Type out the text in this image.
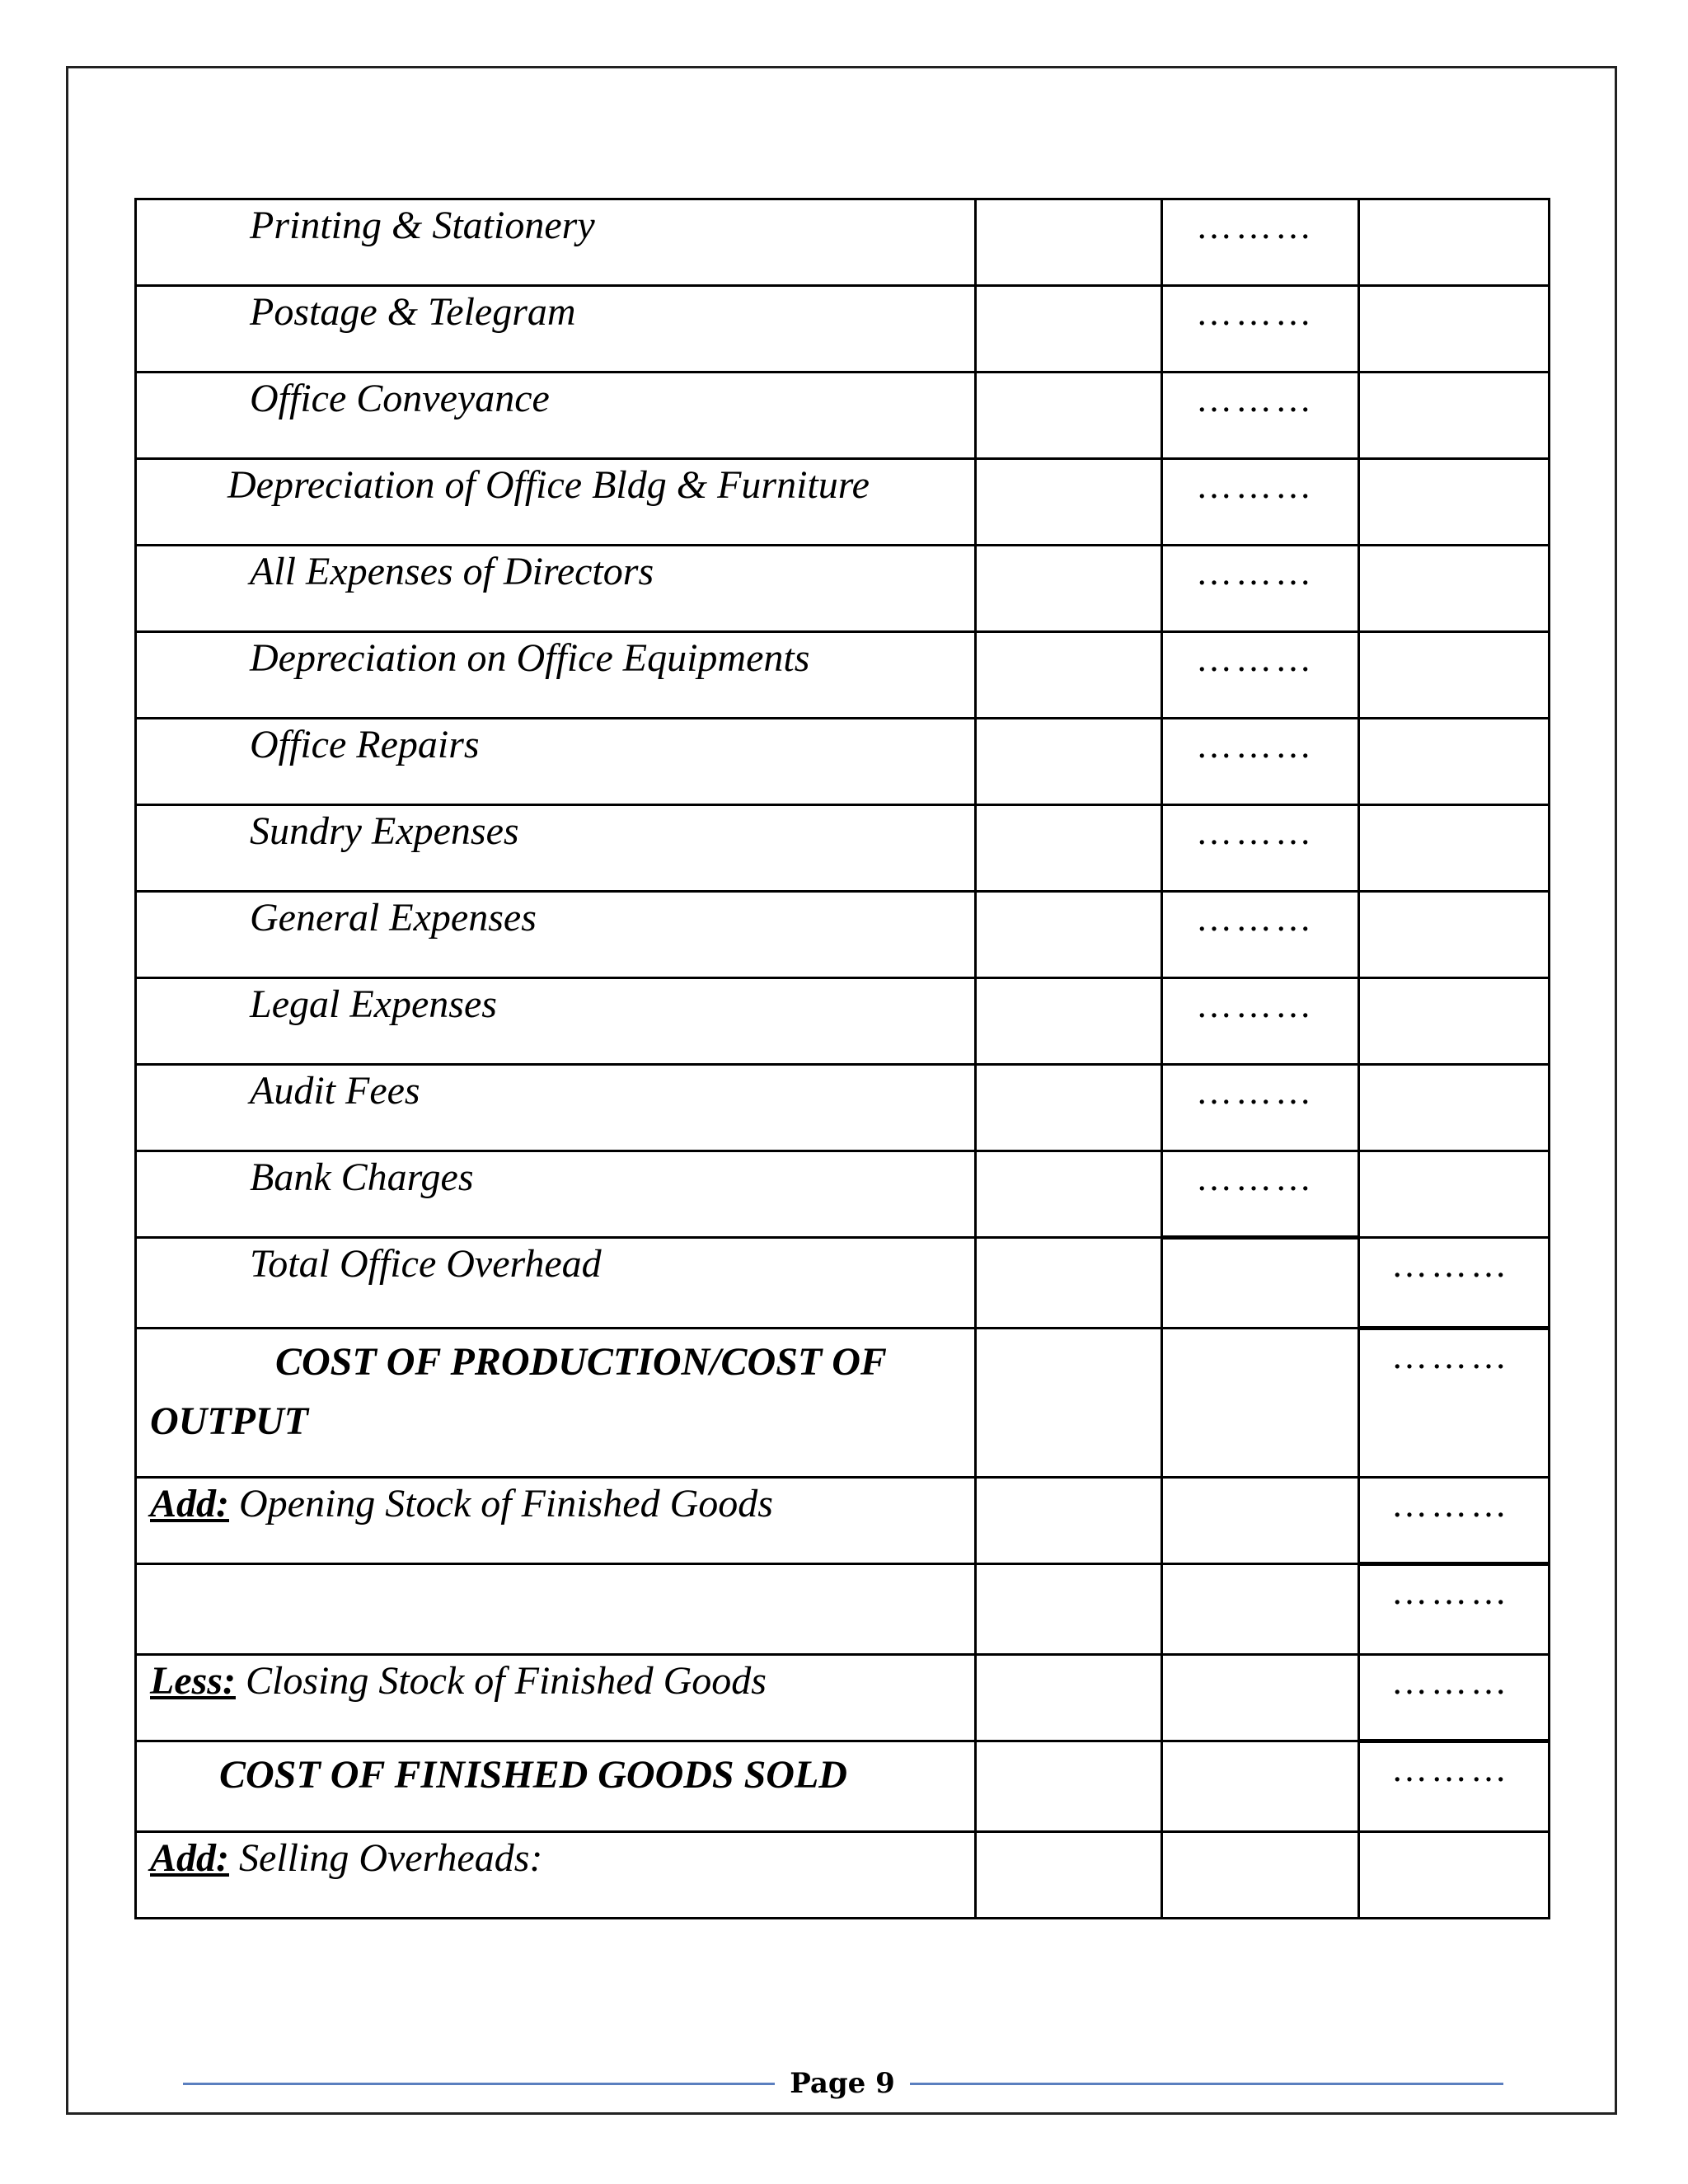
Printing & Stationery		………	
Postage & Telegram		………	
Office Conveyance		………	
Depreciation of Office Bldg & Furniture		………	
All Expenses of Directors		………	
Depreciation on Office Equipments		………	
Office Repairs		………	
Sundry Expenses		………	
General Expenses		………	
Legal Expenses		………	
Audit Fees		………	
Bank Charges		………	
Total Office Overhead			………

COST OF PRODUCTION/COST OF
OUTPUT			………
Add: Opening Stock of Finished Goods			………
			………
Less: Closing Stock of Finished Goods			………
COST OF FINISHED GOODS SOLD			………
Add: Selling Overheads:			
Page 9
